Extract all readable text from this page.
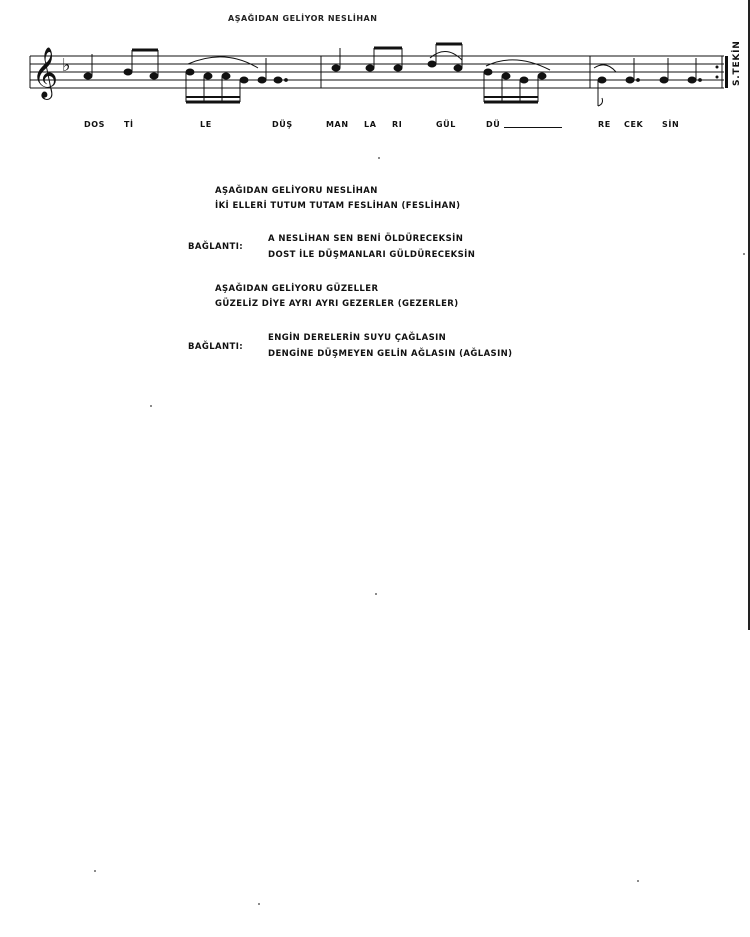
AŞAĞIDAN GELİYOR NESLİHAN
𝄞 ♭
DOS Tİ	LE	DÜŞ	MAN LA RI	GÜL	DÜ	RE CEK SİN
S.TEKİN
AŞAĞIDAN GELİYORU NESLİHAN
İKİ ELLERİ TUTUM TUTAM FESLİHAN (FESLİHAN)
BAĞLANTI:
A NESLİHAN SEN BENİ ÖLDÜRECEKSİN
DOST İLE DÜŞMANLARI GÜLDÜRECEKSİN
AŞAĞIDAN GELİYORU GÜZELLER
GÜZELİZ DİYE AYRI AYRI GEZERLER (GEZERLER)
BAĞLANTI:
ENGİN DERELERİN SUYU ÇAĞLASIN
DENGİNE DÜŞMEYEN GELİN AĞLASIN (AĞLASIN)
